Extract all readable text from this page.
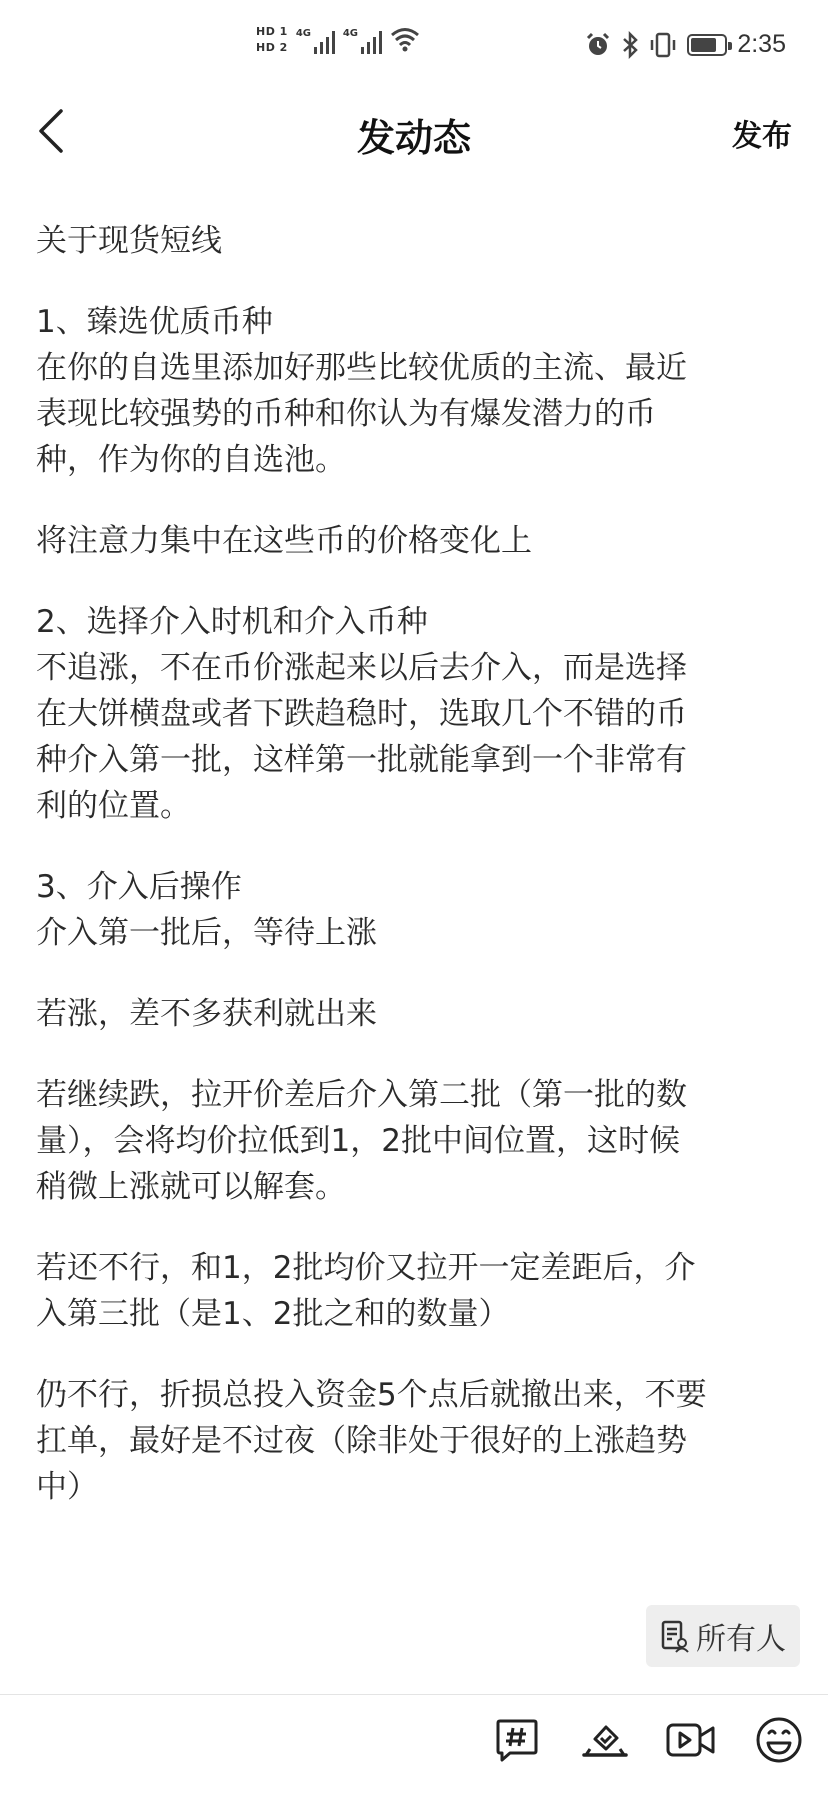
HD 1
HD 2
4G	4G	2:35
发动态	发布
关于现货短线
1、臻选优质币种
在你的自选里添加好那些比较优质的主流、最近
表现比较强势的币种和你认为有爆发潜力的币
种，作为你的自选池。
将注意力集中在这些币的价格变化上
2、选择介入时机和介入币种
不追涨，不在币价涨起来以后去介入，而是选择
在大饼横盘或者下跌趋稳时，选取几个不错的币
种介入第一批，这样第一批就能拿到一个非常有
利的位置。
3、介入后操作
介入第一批后，等待上涨
若涨，差不多获利就出来
若继续跌，拉开价差后介入第二批（第一批的数
量），会将均价拉低到1，2批中间位置，这时候
稍微上涨就可以解套。
若还不行，和1，2批均价又拉开一定差距后，介
入第三批（是1、2批之和的数量）
仍不行，折损总投入资金5个点后就撤出来，不要
扛单，最好是不过夜（除非处于很好的上涨趋势
中）
所有人
